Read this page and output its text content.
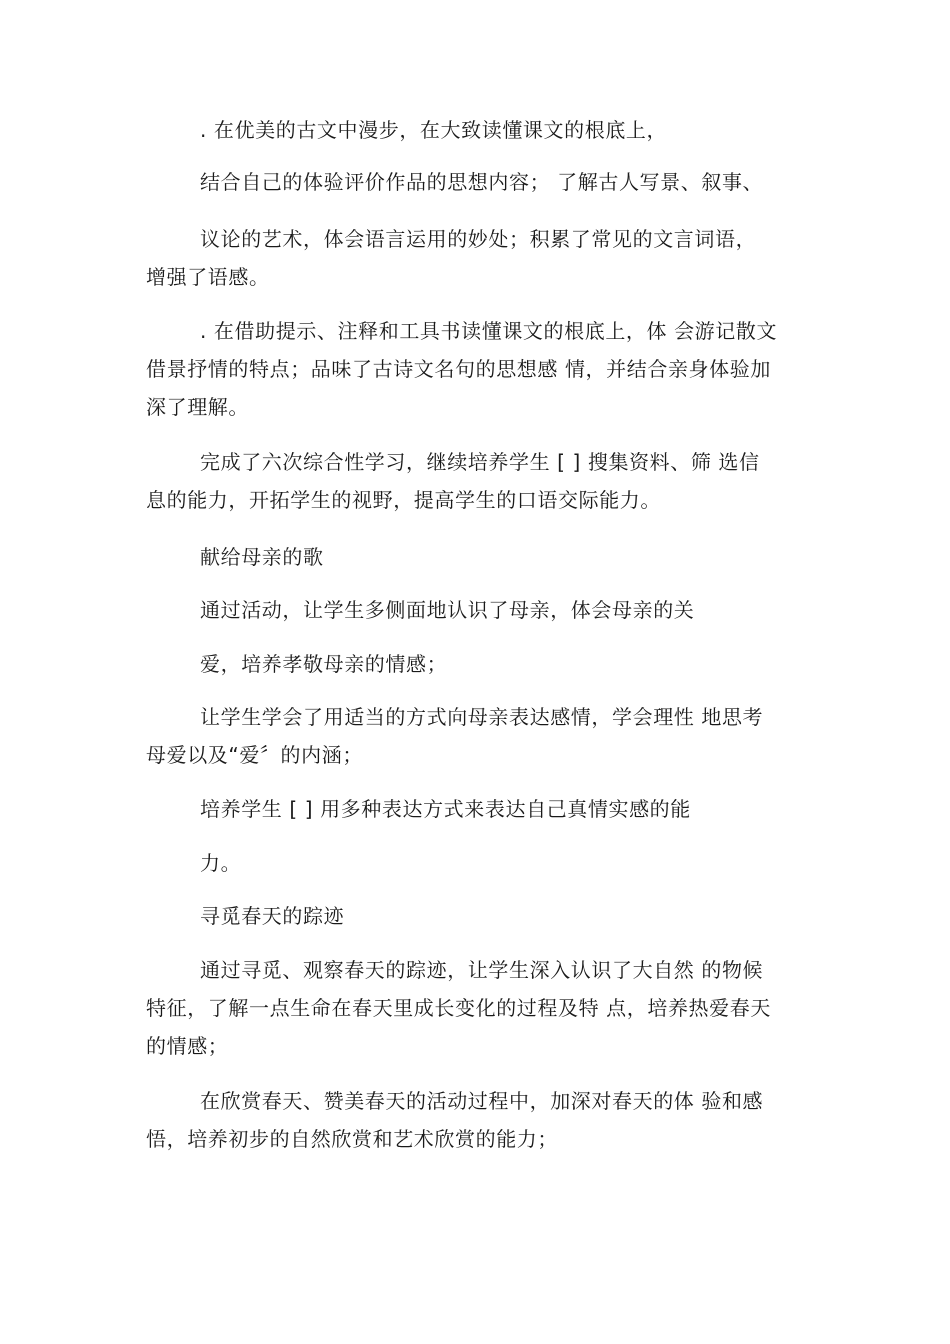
. 在优美的古文中漫步，在大致读懂课文的根底上，
结合自己的体验评价作品的思想内容； 了解古人写景、叙事、
议论的艺术，体会语言运用的妙处；积累了常见的文言词语，
增强了语感。
. 在借助提示、注释和工具书读懂课文的根底上，体 会游记散文
借景抒情的特点；品味了古诗文名句的思想感 情，并结合亲身体验加
深了理解。
完成了六次综合性学习，继续培养学生 [ ] 搜集资料、筛 选信
息的能力，开拓学生的视野，提高学生的口语交际能力。
献给母亲的歌
通过活动，让学生多侧面地认识了母亲，体会母亲的关
爱，培养孝敬母亲的情感；
让学生学会了用适当的方式向母亲表达感情，学会理性 地思考
母爱以及“爱〞的内涵；
培养学生 [ ] 用多种表达方式来表达自己真情实感的能
力。
寻觅春天的踪迹
通过寻觅、观察春天的踪迹，让学生深入认识了大自然 的物候
特征，了解一点生命在春天里成长变化的过程及特 点，培养热爱春天
的情感；
在欣赏春天、赞美春天的活动过程中，加深对春天的体 验和感
悟，培养初步的自然欣赏和艺术欣赏的能力；
